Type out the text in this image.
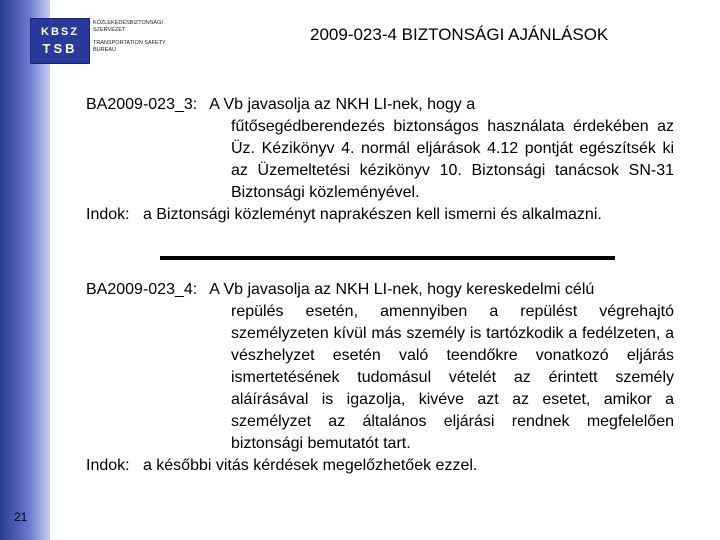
KBSZ
TSB
KÖZLEKEDÉSBIZTONSÁGI
SZERVEZET
TRANSPORTATION SAFETY
BUREAU
2009-023-4 BIZTONSÁGI AJÁNLÁSOK
BA2009-023_3: A Vb javasolja az NKH LI-nek, hogy a
fűtősegédberendezés biztonságos használata érdekében az Üz. Kézikönyv 4. normál eljárások 4.12 pontját egészítsék ki az Üzemeltetési kézikönyv 10. Biztonsági tanácsok SN-31 Biztonsági közleményével.
Indok: a Biztonsági közleményt naprakészen kell ismerni és alkalmazni.
BA2009-023_4: A Vb javasolja az NKH LI-nek, hogy kereskedelmi célú
repülés esetén, amennyiben a repülést végrehajtó személyzeten kívül más személy is tartózkodik a fedélzeten, a vészhelyzet esetén való teendőkre vonatkozó eljárás ismertetésének tudomásul vételét az érintett személy aláírásával is igazolja, kivéve azt az esetet, amikor a személyzet az általános eljárási rendnek megfelelően biztonsági bemutatót tart.
Indok: a későbbi vitás kérdések megelőzhetőek ezzel.
21
